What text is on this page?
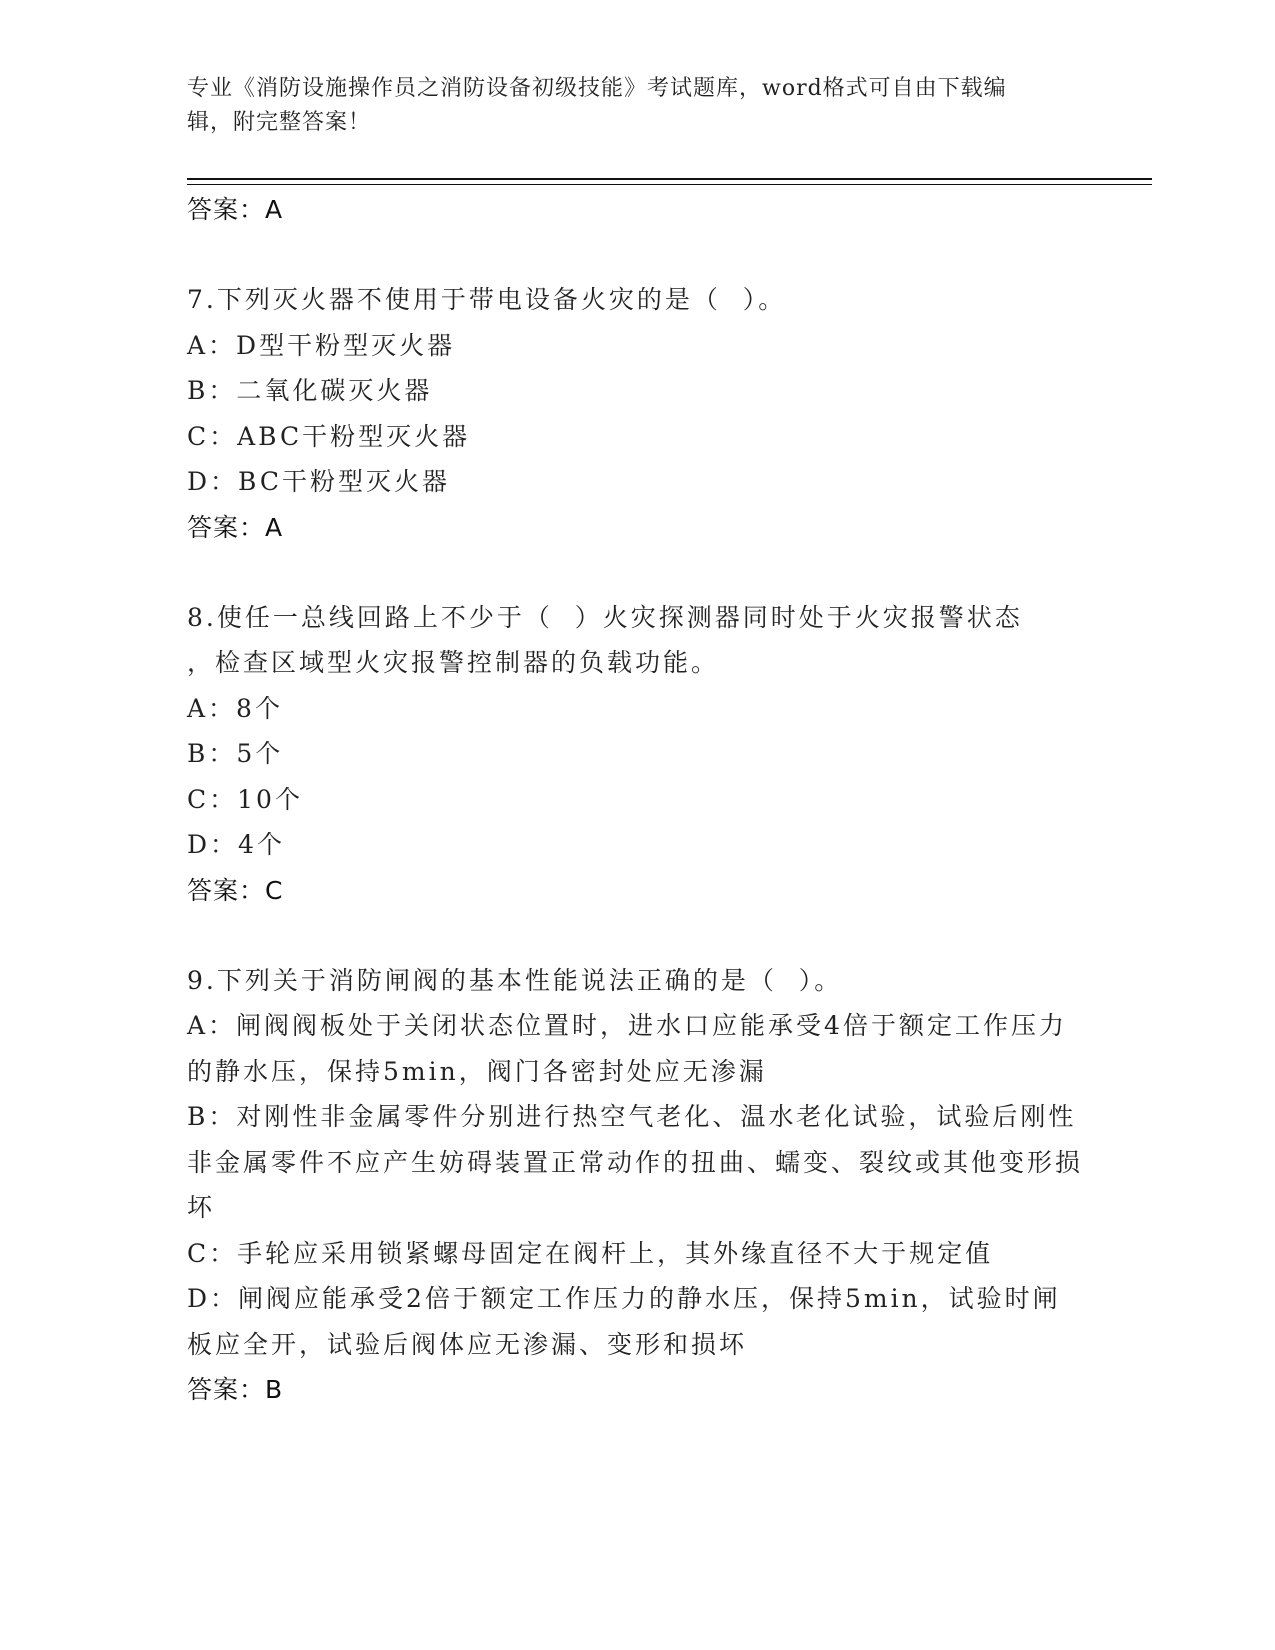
专业《消防设施操作员之消防设备初级技能》考试题库，word格式可自由下载编
辑，附完整答案！
答案：A
7.下列灭火器不使用于带电设备火灾的是（  ）。
A：D型干粉型灭火器
B：二氧化碳灭火器
C：ABC干粉型灭火器
D：BC干粉型灭火器
答案：A
8.使任一总线回路上不少于（  ）火灾探测器同时处于火灾报警状态
，检查区域型火灾报警控制器的负载功能。
A：8个
B：5个
C：10个
D：4个
答案：C
9.下列关于消防闸阀的基本性能说法正确的是（  ）。
A：闸阀阀板处于关闭状态位置时，进水口应能承受4倍于额定工作压力的静水压，保持5min，阀门各密封处应无渗漏
B：对刚性非金属零件分别进行热空气老化、温水老化试验，试验后刚性非金属零件不应产生妨碍装置正常动作的扭曲、蠕变、裂纹或其他变形损坏
C：手轮应采用锁紧螺母固定在阀杆上，其外缘直径不大于规定值
D：闸阀应能承受2倍于额定工作压力的静水压，保持5min，试验时闸板应全开，试验后阀体应无渗漏、变形和损坏
答案：B
